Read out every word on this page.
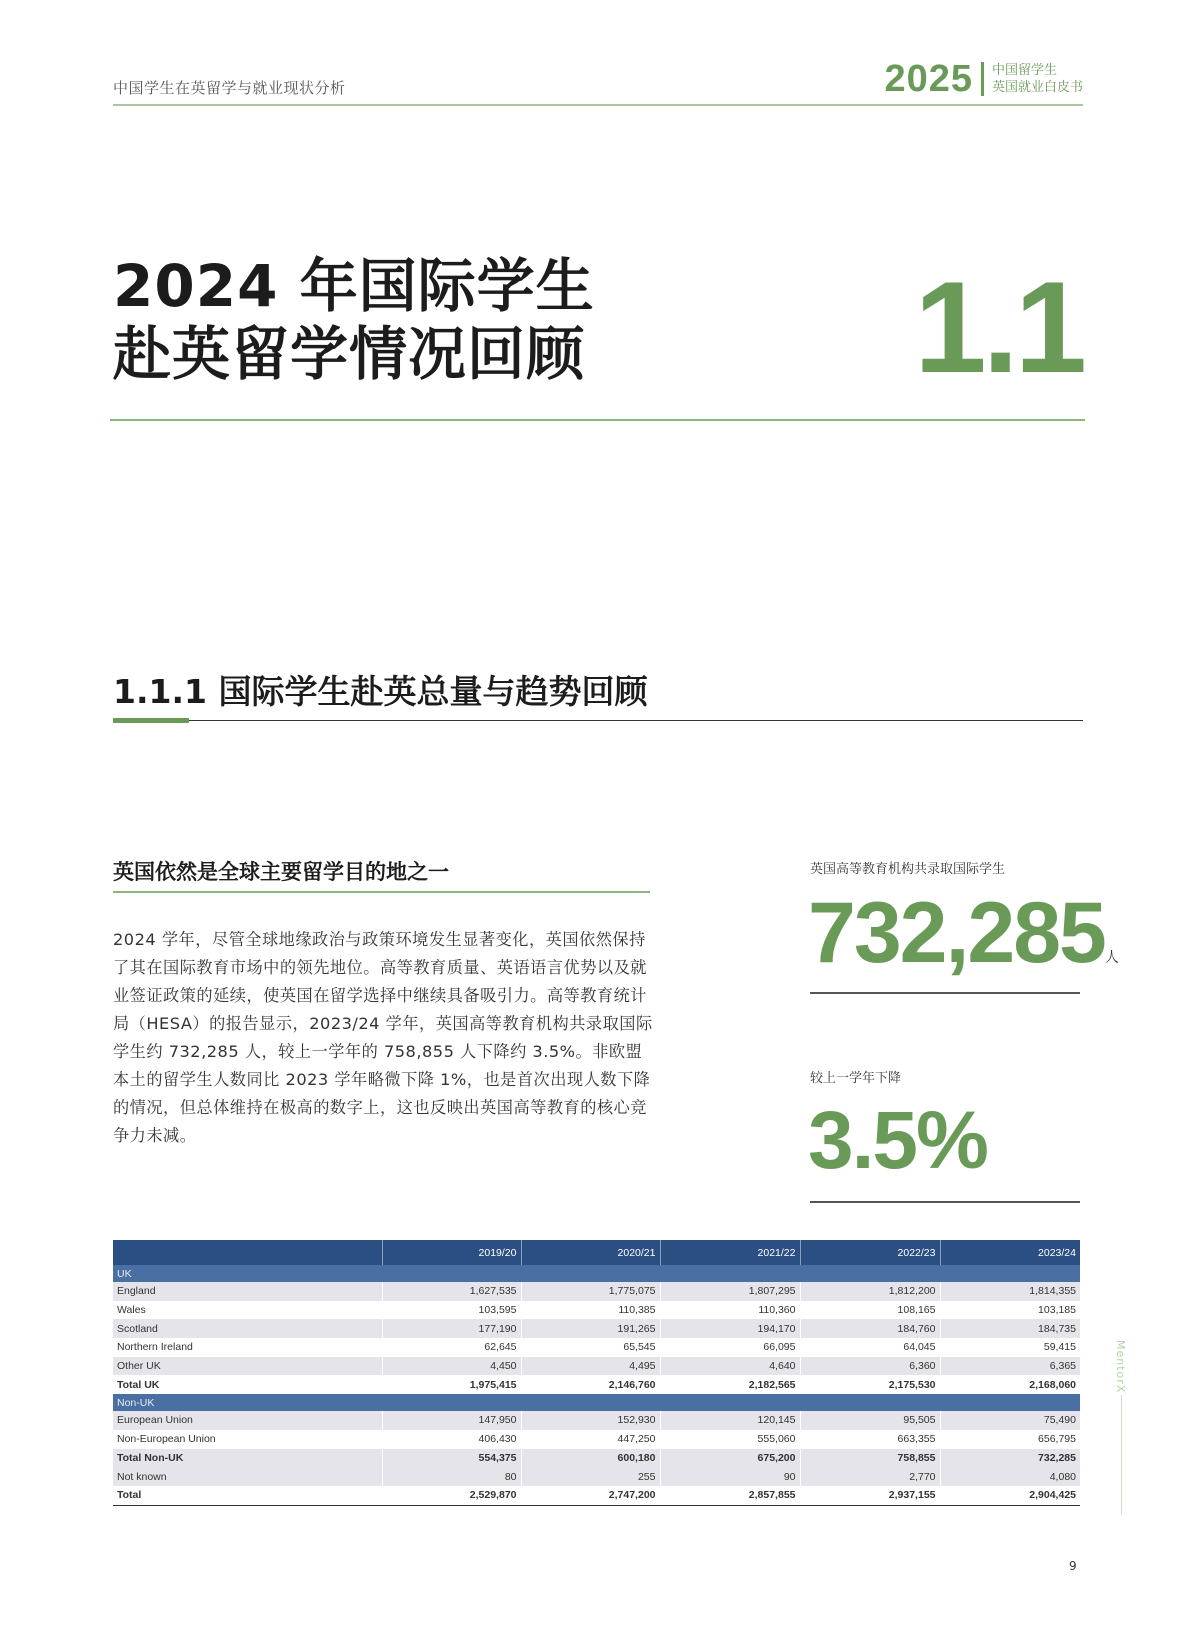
中国学生在英留学与就业现状分析	2025 中国留学生
英国就业白皮书
2024 年国际学生
赴英留学情况回顾	1.1
1.1.1 国际学生赴英总量与趋势回顾
英国依然是全球主要留学目的地之一

2024 学年，尽管全球地缘政治与政策环境发生显著变化，英国依然保持了其在国际教育市场中的领先地位。高等教育质量、英语语言优势以及就业签证政策的延续，使英国在留学选择中继续具备吸引力。高等教育统计局（HESA）的报告显示，2023/24 学年，英国高等教育机构共录取国际学生约 732,285 人，较上一学年的 758,855 人下降约 3.5%。非欧盟本土的留学生人数同比 2023 学年略微下降 1%，也是首次出现人数下降的情况，但总体维持在极高的数字上，这也反映出英国高等教育的核心竞争力未减。

英国高等教育机构共录取国际学生
732,285人
较上一学年下降
3.5%
	2019/20	2020/21	2021/22	2022/23	2023/24
UK					
England	1,627,535	1,775,075	1,807,295	1,812,200	1,814,355
Wales	103,595	110,385	110,360	108,165	103,185
Scotland	177,190	191,265	194,170	184,760	184,735
Northern Ireland	62,645	65,545	66,095	64,045	59,415
Other UK	4,450	4,495	4,640	6,360	6,365
Total UK	1,975,415	2,146,760	2,182,565	2,175,530	2,168,060
Non-UK					
European Union	147,950	152,930	120,145	95,505	75,490
Non-European Union	406,430	447,250	555,060	663,355	656,795
Total Non-UK	554,375	600,180	675,200	758,855	732,285
Not known	80	255	90	2,770	4,080
Total	2,529,870	2,747,200	2,857,855	2,937,155	2,904,425
MentorX
9
